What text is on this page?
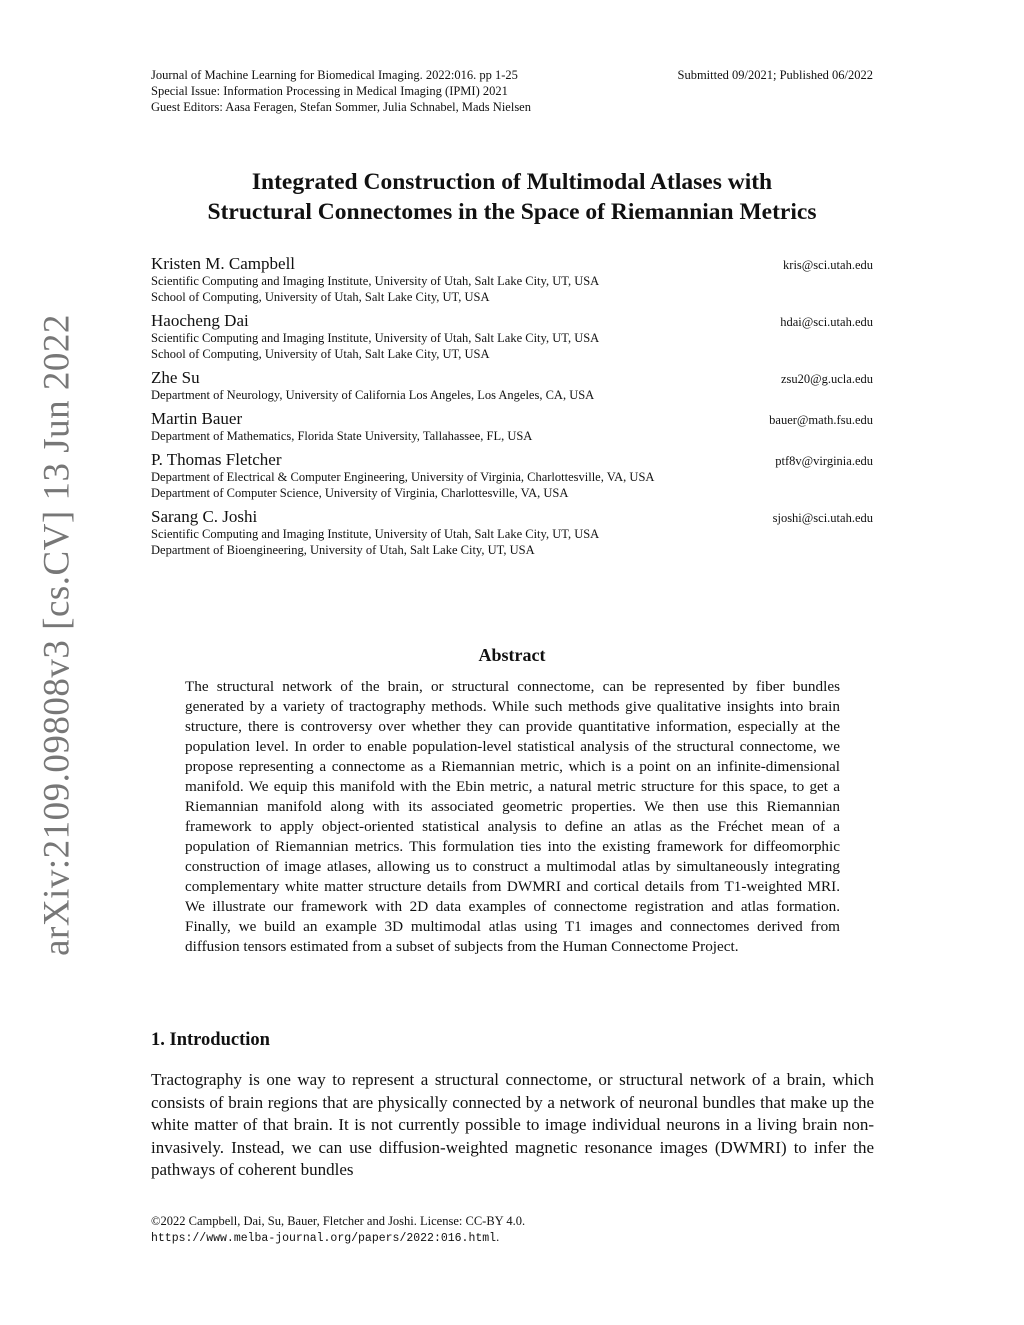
Journal of Machine Learning for Biomedical Imaging. 2022:016. pp 1-25	Submitted 09/2021; Published 06/2022
Special Issue: Information Processing in Medical Imaging (IPMI) 2021
Guest Editors: Aasa Feragen, Stefan Sommer, Julia Schnabel, Mads Nielsen
Integrated Construction of Multimodal Atlases with
Structural Connectomes in the Space of Riemannian Metrics
Kristen M. Campbell	kris@sci.utah.edu
Scientific Computing and Imaging Institute, University of Utah, Salt Lake City, UT, USA
School of Computing, University of Utah, Salt Lake City, UT, USA
Haocheng Dai	hdai@sci.utah.edu
Scientific Computing and Imaging Institute, University of Utah, Salt Lake City, UT, USA
School of Computing, University of Utah, Salt Lake City, UT, USA
Zhe Su	zsu20@g.ucla.edu
Department of Neurology, University of California Los Angeles, Los Angeles, CA, USA
Martin Bauer	bauer@math.fsu.edu
Department of Mathematics, Florida State University, Tallahassee, FL, USA
P. Thomas Fletcher	ptf8v@virginia.edu
Department of Electrical & Computer Engineering, University of Virginia, Charlottesville, VA, USA
Department of Computer Science, University of Virginia, Charlottesville, VA, USA
Sarang C. Joshi	sjoshi@sci.utah.edu
Scientific Computing and Imaging Institute, University of Utah, Salt Lake City, UT, USA
Department of Bioengineering, University of Utah, Salt Lake City, UT, USA
Abstract
The structural network of the brain, or structural connectome, can be represented by fiber bundles generated by a variety of tractography methods. While such methods give qualitative insights into brain structure, there is controversy over whether they can provide quantitative information, especially at the population level. In order to enable population-level statistical analysis of the structural connectome, we propose representing a connectome as a Riemannian metric, which is a point on an infinite-dimensional manifold. We equip this manifold with the Ebin metric, a natural metric structure for this space, to get a Riemannian manifold along with its associated geometric properties. We then use this Riemannian framework to apply object-oriented statistical analysis to define an atlas as the Fréchet mean of a population of Riemannian metrics. This formulation ties into the existing framework for diffeomorphic construction of image atlases, allowing us to construct a multimodal atlas by simultaneously integrating complementary white matter structure details from DWMRI and cortical details from T1-weighted MRI. We illustrate our framework with 2D data examples of connectome registration and atlas formation. Finally, we build an example 3D multimodal atlas using T1 images and connectomes derived from diffusion tensors estimated from a subset of subjects from the Human Connectome Project.
1. Introduction
Tractography is one way to represent a structural connectome, or structural network of a brain, which consists of brain regions that are physically connected by a network of neuronal bundles that make up the white matter of that brain. It is not currently possible to image individual neurons in a living brain non-invasively. Instead, we can use diffusion-weighted magnetic resonance images (DWMRI) to infer the pathways of coherent bundles
©2022 Campbell, Dai, Su, Bauer, Fletcher and Joshi. License: CC-BY 4.0.
https://www.melba-journal.org/papers/2022:016.html.
arXiv:2109.09808v3 [cs.CV] 13 Jun 2022
